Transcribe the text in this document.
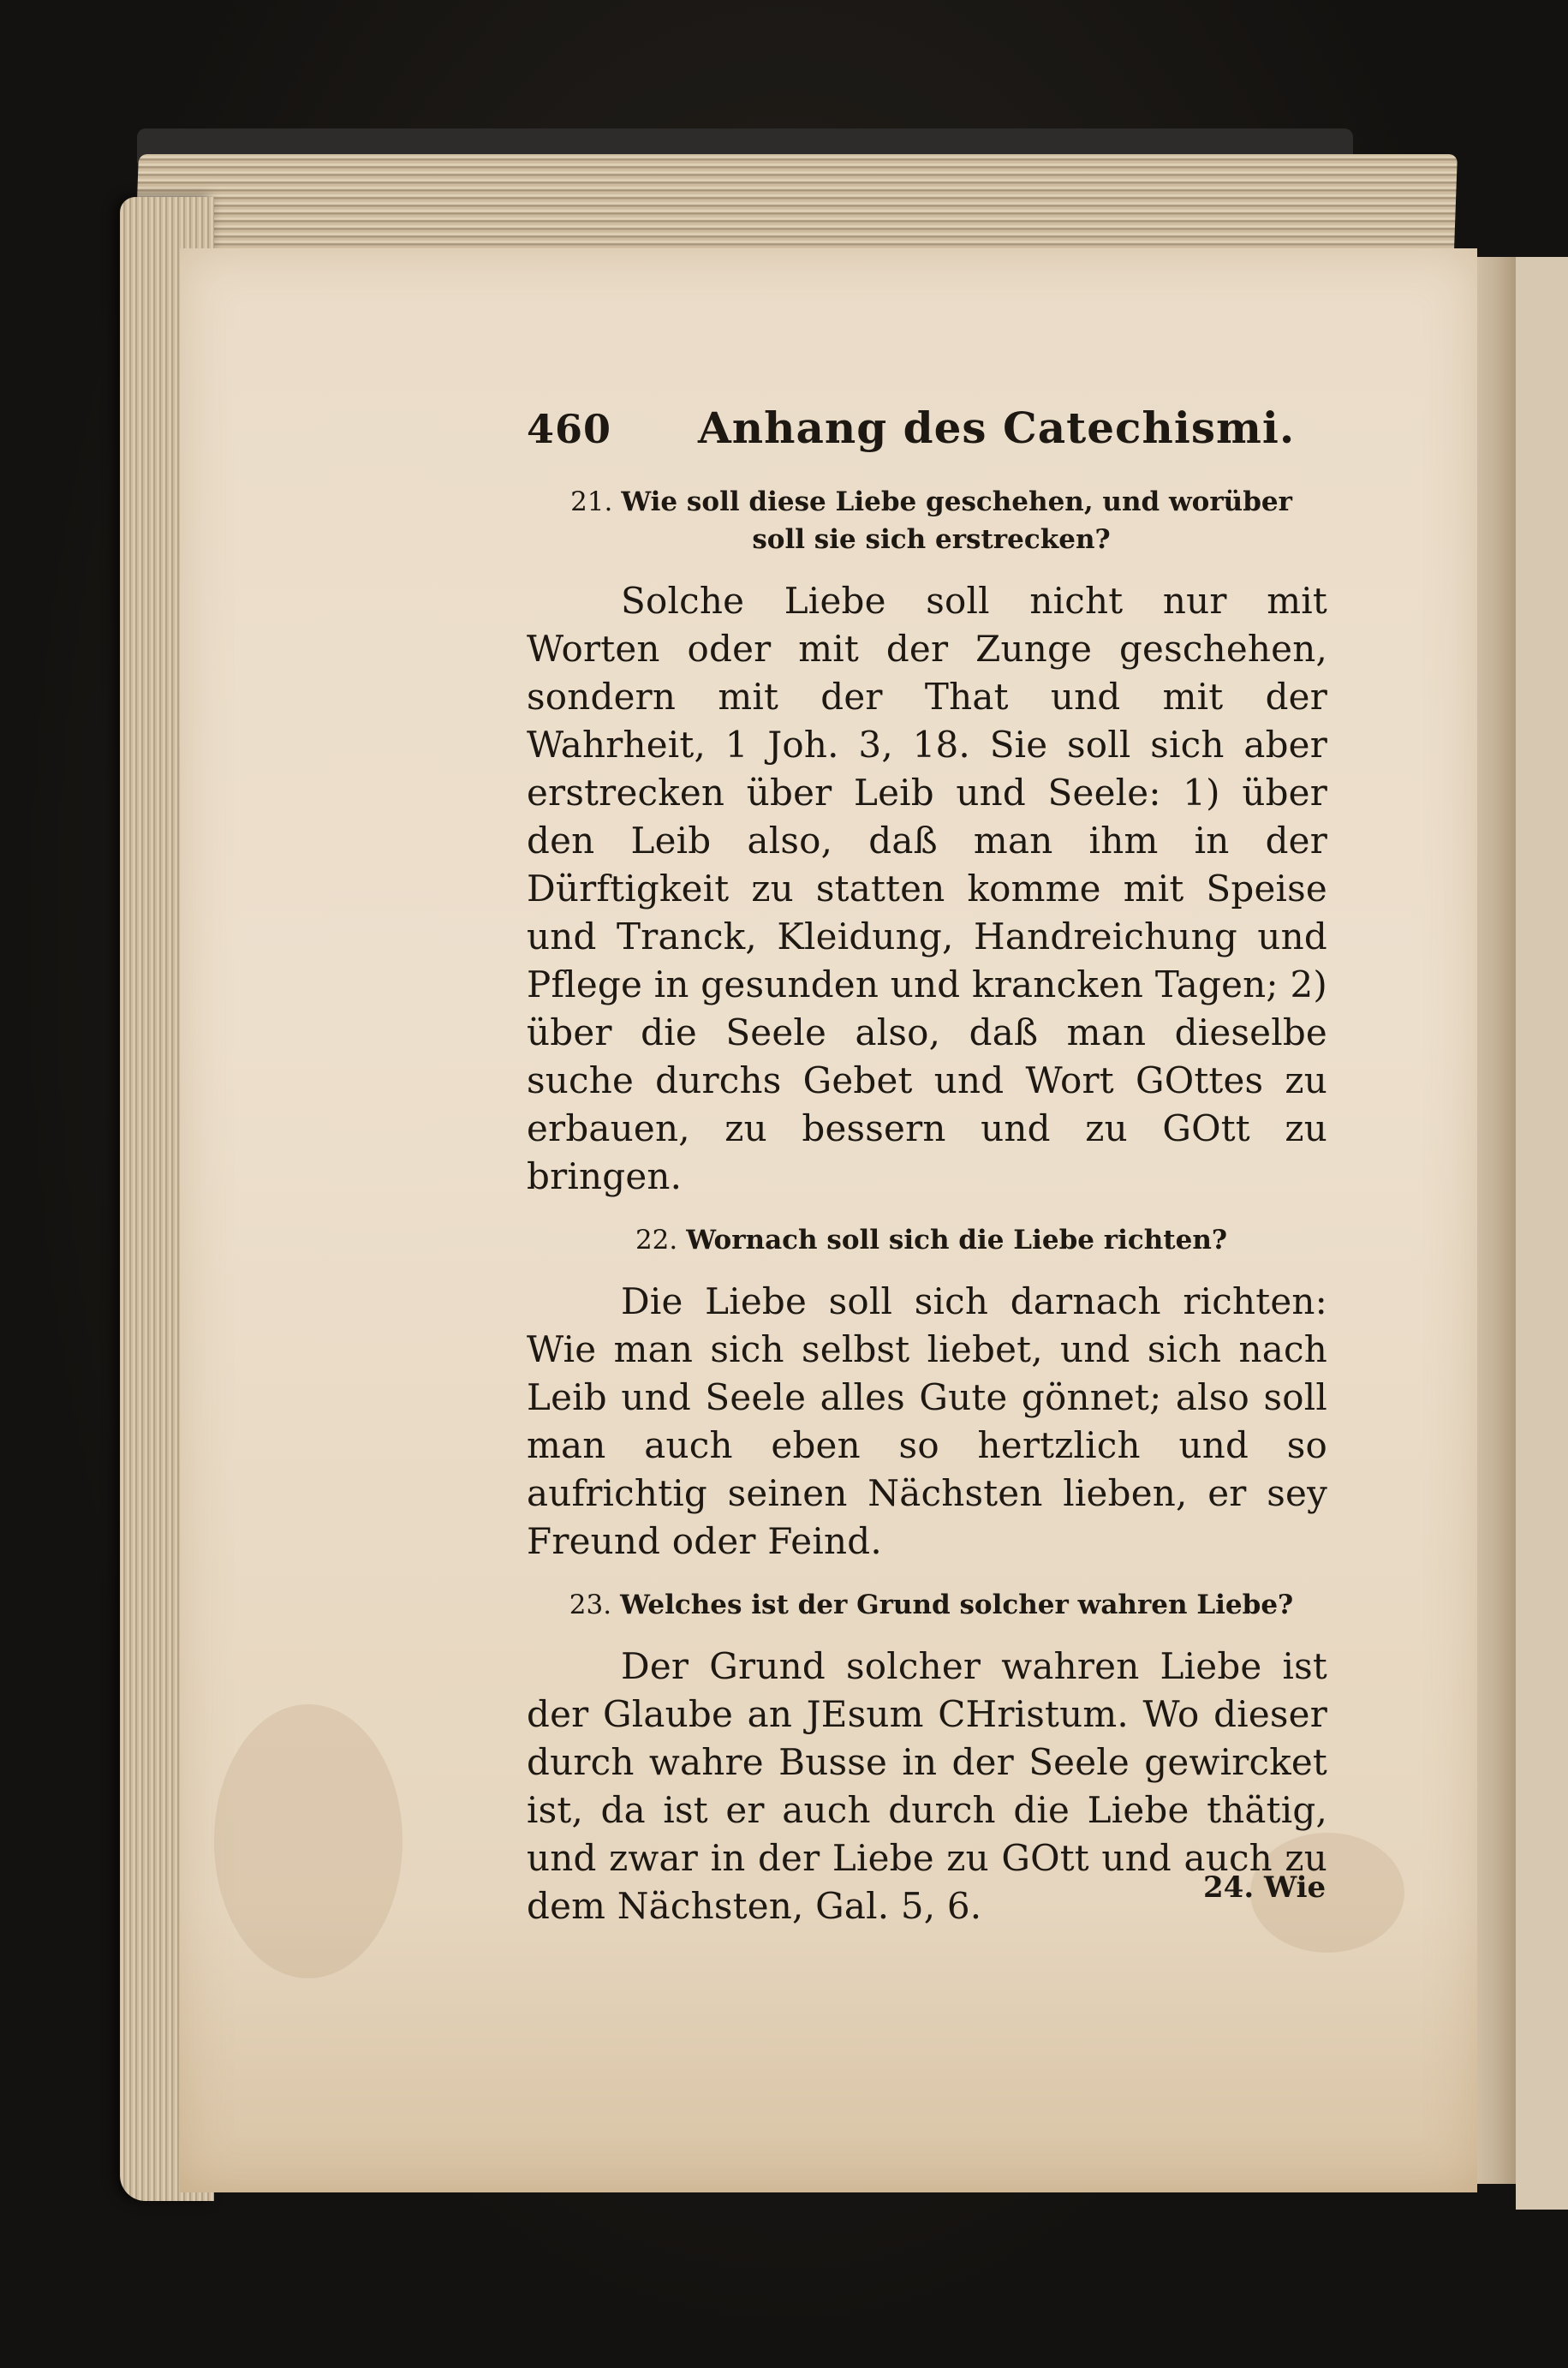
460	Anhang des Catechismi.
21. Wie soll diese Liebe geschehen, und worüber soll sie sich erstrecken?
Solche Liebe soll nicht nur mit Worten oder mit der Zunge geschehen, sondern mit der That und mit der Wahrheit, 1 Joh. 3, 18. Sie soll sich aber erstrecken über Leib und Seele: 1) über den Leib also, daß man ihm in der Dürftigkeit zu statten komme mit Speise und Tranck, Kleidung, Handreichung und Pflege in gesunden und krancken Tagen; 2) über die Seele also, daß man dieselbe suche durchs Gebet und Wort GOttes zu erbauen, zu bessern und zu GOtt zu bringen.
22. Wornach soll sich die Liebe richten?
Die Liebe soll sich darnach richten: Wie man sich selbst liebet, und sich nach Leib und Seele alles Gute gönnet; also soll man auch eben so hertzlich und so aufrichtig seinen Nächsten lieben, er sey Freund oder Feind.
23. Welches ist der Grund solcher wahren Liebe?
Der Grund solcher wahren Liebe ist der Glaube an JEsum CHristum. Wo dieser durch wahre Busse in der Seele gewircket ist, da ist er auch durch die Liebe thätig, und zwar in der Liebe zu GOtt und auch zu dem Nächsten, Gal. 5, 6.	24. Wie
